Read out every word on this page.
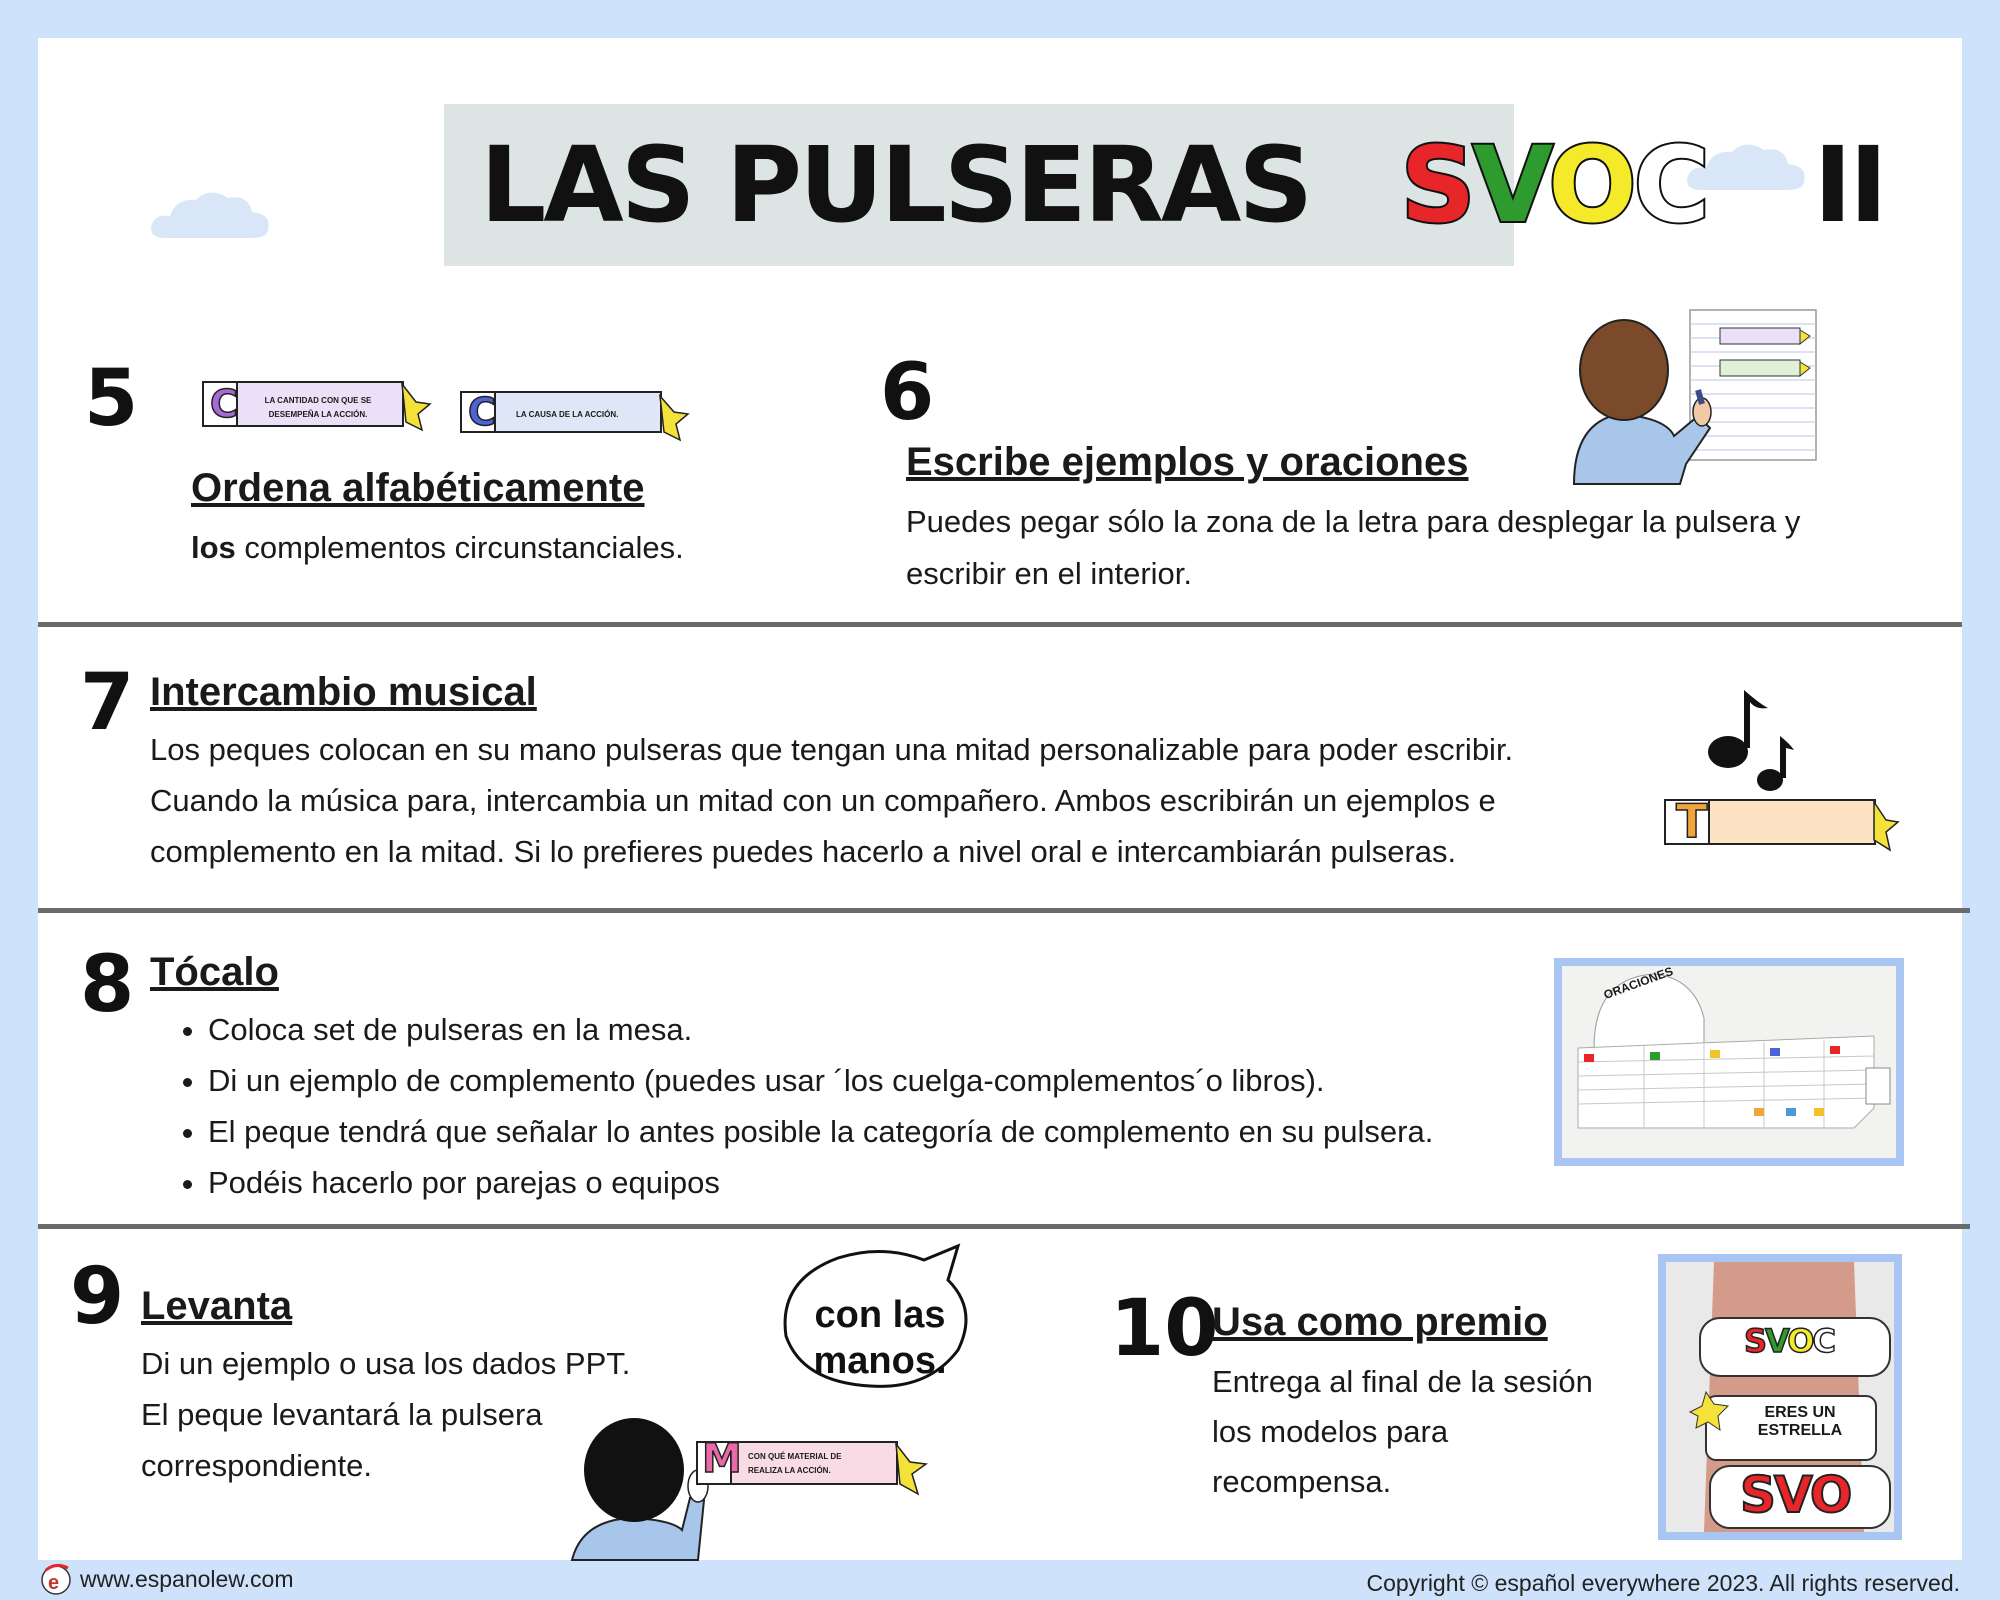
LAS PULSERAS SVOC II
5 C	LA CANTIDAD CON QUE SE
DESEMPEÑA LA ACCIÓN.	C	LA CAUSA DE LA ACCIÓN.
Ordena alfabéticamente
los complementos circunstanciales.
6
Escribe ejemplos y oraciones
Puedes pegar sólo la zona de la letra para desplegar la pulsera y
escribir en el interior.
7 Intercambio musical
Los peques colocan en su mano pulseras que tengan una mitad personalizable para poder escribir.
Cuando la música para, intercambia un mitad con un compañero. Ambos escribirán un ejemplos e
complemento en la mitad. Si lo prefieres puedes hacerlo a nivel oral e intercambiarán pulseras.
T
8 Tócalo
• Coloca set de pulseras en la mesa.
• Di un ejemplo de complemento (puedes usar ´los cuelga-complementos´o libros).
• El peque tendrá que señalar lo antes posible la categoría de complemento en su pulsera.
• Podéis hacerlo por parejas o equipos
ORACIONES
9 Levanta
Di un ejemplo o usa los dados PPT.
El peque levantará la pulsera
correspondiente.
con las
manos.
M CON QUÉ MATERIAL DE
REALIZA LA ACCIÓN.
10
Usa como premio
Entrega al final de la sesión
los modelos para
recompensa.
SVOC
ERES UN
ESTRELLA
SVO
e www.espanolew.com	Copyright © español everywhere 2023. All rights reserved.
